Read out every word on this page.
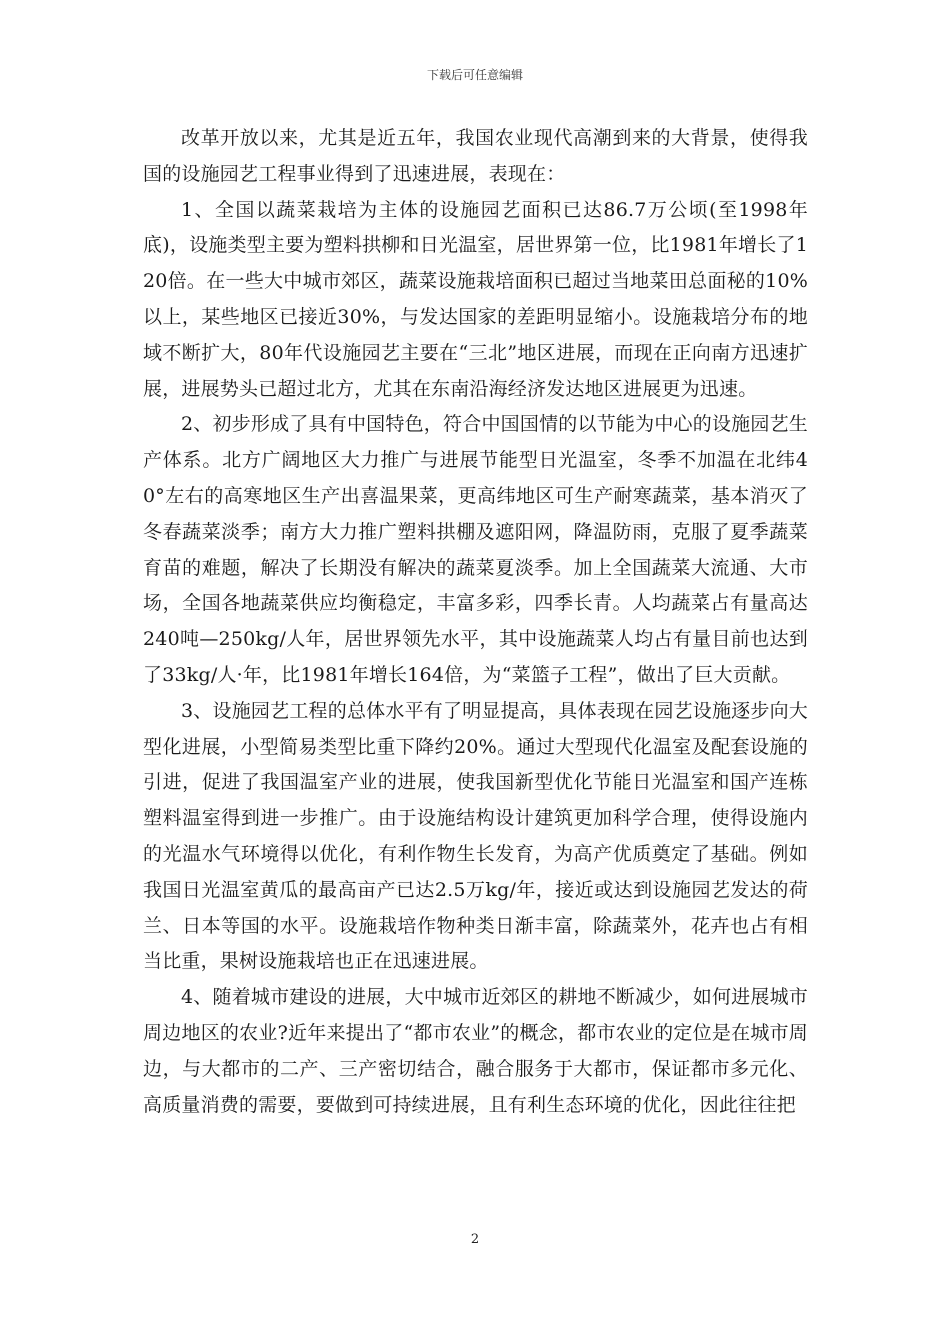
下载后可任意编辑

改革开放以来，尤其是近五年，我国农业现代高潮到来的大背景，使得我国的设施园艺工程事业得到了迅速进展，表现在：

1、全国以蔬菜栽培为主体的设施园艺面积已达86.7万公顷(至1998年底)，设施类型主要为塑料拱柳和日光温室，居世界第一位，比1981年增长了120倍。在一些大中城市郊区，蔬菜设施栽培面积已超过当地菜田总面秘的10%以上，某些地区已接近30%，与发达国家的差距明显缩小。设施栽培分布的地域不断扩大，80年代设施园艺主要在“三北”地区进展，而现在正向南方迅速扩展，进展势头已超过北方，尤其在东南沿海经济发达地区进展更为迅速。

2、初步形成了具有中国特色，符合中国国情的以节能为中心的设施园艺生产体系。北方广阔地区大力推广与进展节能型日光温室，冬季不加温在北纬40°左右的高寒地区生产出喜温果菜，更高纬地区可生产耐寒蔬菜，基本消灭了冬春蔬菜淡季；南方大力推广塑料拱棚及遮阳网，降温防雨，克服了夏季蔬菜育苗的难题，解决了长期没有解决的蔬菜夏淡季。加上全国蔬菜大流通、大市场，全国各地蔬菜供应均衡稳定，丰富多彩，四季长青。人均蔬菜占有量高达240吨—250kg/人年，居世界领先水平，其中设施蔬菜人均占有量目前也达到了33kg/人·年，比1981年增长164倍，为“菜篮子工程”，做出了巨大贡献。

3、设施园艺工程的总体水平有了明显提高，具体表现在园艺设施逐步向大型化进展，小型简易类型比重下降约20%。通过大型现代化温室及配套设施的引进，促进了我国温室产业的进展，使我国新型优化节能日光温室和国产连栋塑料温室得到进一步推广。由于设施结构设计建筑更加科学合理，使得设施内的光温水气环境得以优化，有利作物生长发育，为高产优质奠定了基础。例如我国日光温室黄瓜的最高亩产已达2.5万kg/年，接近或达到设施园艺发达的荷兰、日本等国的水平。设施栽培作物种类日渐丰富，除蔬菜外，花卉也占有相当比重，果树设施栽培也正在迅速进展。

4、随着城市建设的进展，大中城市近郊区的耕地不断减少，如何进展城市周边地区的农业?近年来提出了“都市农业”的概念，都市农业的定位是在城市周边，与大都市的二产、三产密切结合，融合服务于大都市，保证都市多元化、高质量消费的需要，要做到可持续进展，且有利生态环境的优化，因此往往把

2
